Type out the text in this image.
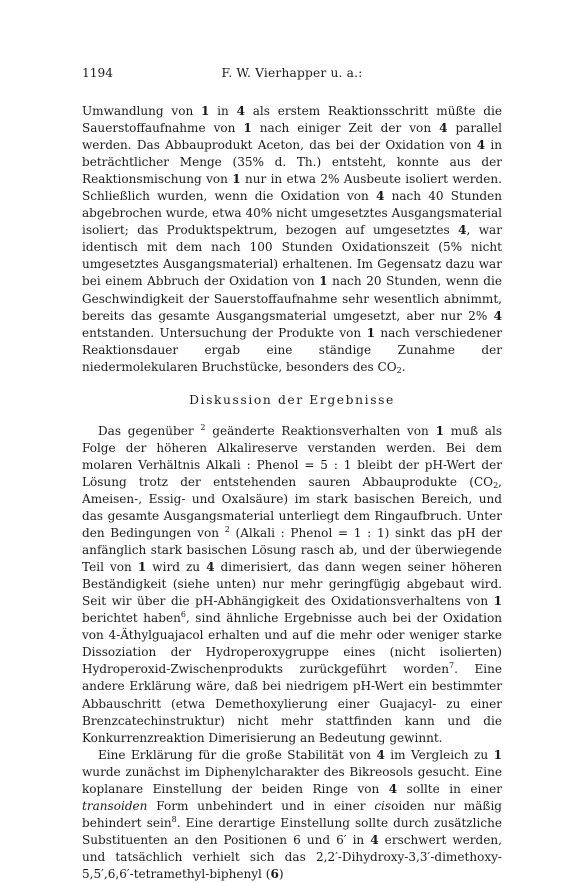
1194	F. W. Vierhapper u. a.:

Umwandlung von 1 in 4 als erstem Reaktionsschritt müßte die Sauerstoffaufnahme von 1 nach einiger Zeit der von 4 parallel werden. Das Abbauprodukt Aceton, das bei der Oxidation von 4 in beträchtlicher Menge (35% d. Th.) entsteht, konnte aus der Reaktionsmischung von 1 nur in etwa 2% Ausbeute isoliert werden. Schließlich wurden, wenn die Oxidation von 4 nach 40 Stunden abgebrochen wurde, etwa 40% nicht umgesetztes Ausgangsmaterial isoliert; das Produktspektrum, bezogen auf umgesetztes 4, war identisch mit dem nach 100 Stunden Oxidationszeit (5% nicht umgesetztes Ausgangsmaterial) erhaltenen. Im Gegensatz dazu war bei einem Abbruch der Oxidation von 1 nach 20 Stunden, wenn die Geschwindigkeit der Sauerstoffaufnahme sehr wesentlich abnimmt, bereits das gesamte Ausgangsmaterial umgesetzt, aber nur 2% 4 entstanden. Untersuchung der Produkte von 1 nach verschiedener Reaktionsdauer ergab eine ständige Zunahme der niedermolekularen Bruchstücke, besonders des $CO_2$.

Diskussion der Ergebnisse

Das gegenüber $^2$ geänderte Reaktionsverhalten von 1 muß als Folge der höheren Alkalireserve verstanden werden. Bei dem molaren Verhältnis Alkali : Phenol = 5 : 1 bleibt der pH-Wert der Lösung trotz der entstehenden sauren Abbauprodukte ($CO_2$, Ameisen-, Essig- und Oxalsäure) im stark basischen Bereich, und das gesamte Ausgangsmaterial unterliegt dem Ringaufbruch. Unter den Bedingungen von $^2$ (Alkali : Phenol = 1 : 1) sinkt das pH der anfänglich stark basischen Lösung rasch ab, und der überwiegende Teil von 1 wird zu 4 dimerisiert, das dann wegen seiner höheren Beständigkeit (siehe unten) nur mehr geringfügig abgebaut wird. Seit wir über die pH-Abhängigkeit des Oxidationsverhaltens von 1 berichtet haben$^6$, sind ähnliche Ergebnisse auch bei der Oxidation von 4-Äthylguajacol erhalten und auf die mehr oder weniger starke Dissoziation der Hydroperoxygruppe eines (nicht isolierten) Hydroperoxid-Zwischenprodukts zurückgeführt worden$^7$. Eine andere Erklärung wäre, daß bei niedrigem pH-Wert ein bestimmter Abbauschritt (etwa Demethoxylierung einer Guajacyl- zu einer Brenzcatechinstruktur) nicht mehr stattfinden kann und die Konkurrenzreaktion Dimerisierung an Bedeutung gewinnt.

Eine Erklärung für die große Stabilität von 4 im Vergleich zu 1 wurde zunächst im Diphenylcharakter des Bikreosols gesucht. Eine koplanare Einstellung der beiden Ringe von 4 sollte in einer transoiden Form unbehindert und in einer cisoiden nur mäßig behindert sein$^8$. Eine derartige Einstellung sollte durch zusätzliche Substituenten an den Positionen 6 und 6′ in 4 erschwert werden, und tatsächlich verhielt sich das 2,2′-Dihydroxy-3,3′-dimethoxy-5,5′,6,6′-tetramethyl-biphenyl (6)
